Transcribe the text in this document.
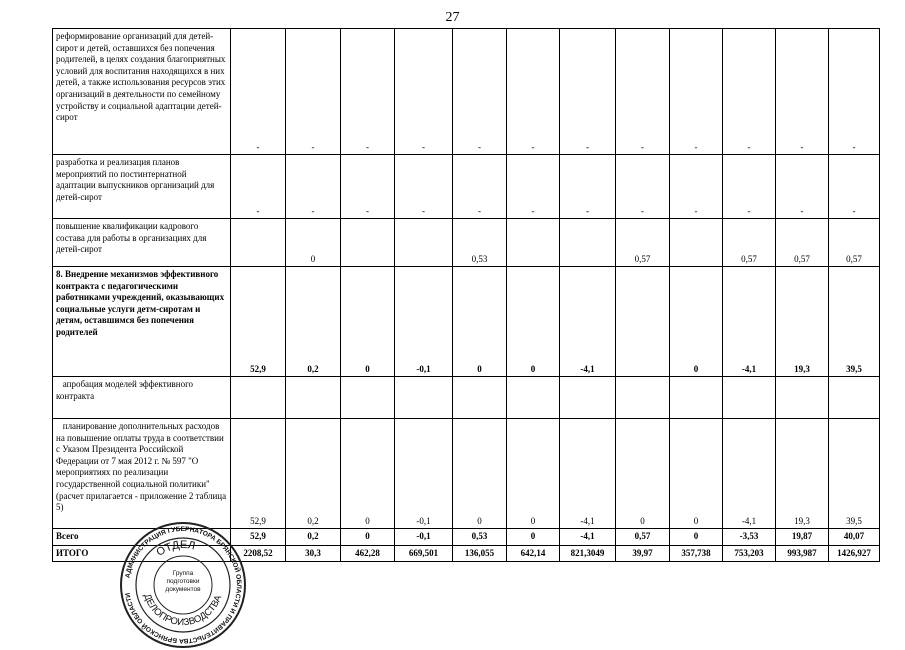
27
реформирование организаций для детей-сирот и детей, оставшихся без попечения родителей, в целях создания благоприятных условий для воспитания находящихся в них детей, а также использования ресурсов этих организаций в деятельности по семейному устройству и социальной адаптации детей-сирот	-	-	-	-	-	-	-	-	-	-	-	-
разработка и реализация планов мероприятий по постинтернатной адаптации выпускников организаций для детей-сирот	-	-	-	-	-	-	-	-	-	-	-	-
повышение квалификации кадрового состава для работы в организациях для детей-сирот		0			0,53			0,57		0,57	0,57	0,57
8. Внедрение механизмов эффективного контракта с педагогическими работниками учреждений, оказывающих социальные услуги детм-сиротам и детям, оставшимся без попечения родителей	52,9	0,2	0	-0,1	0	0	-4,1		0	-4,1	19,3	39,5
апробация моделей эффективного контракта												
планирование дополнительных расходов на повышение оплаты труда в соответствии с Указом Президента Российской Федерации от 7 мая 2012 г. № 597 "О мероприятиях по реализации государственной социальной политики" (расчет прилагается - приложение 2 таблица 5)	52,9	0,2	0	-0,1	0	0	-4,1	0	0	-4,1	19,3	39,5
Всего	52,9	0,2	0	-0,1	0,53	0	-4,1	0,57	0	-3,53	19,87	40,07
ИТОГО	2208,52	30,3	462,28	669,501	136,055	642,14	821,3049	39,97	357,738	753,203	993,987	1426,927
АДМИНИСТРАЦИЯ ГУБЕРНАТОРА БРЯНСКОЙ ОБЛАСТИ И ПРАВИТЕЛЬСТВА БРЯНСКОЙ ОБЛАСТИ
ОТДЕЛ
ДЕЛОПРОИЗВОДСТВА
Группа подготовки документов
